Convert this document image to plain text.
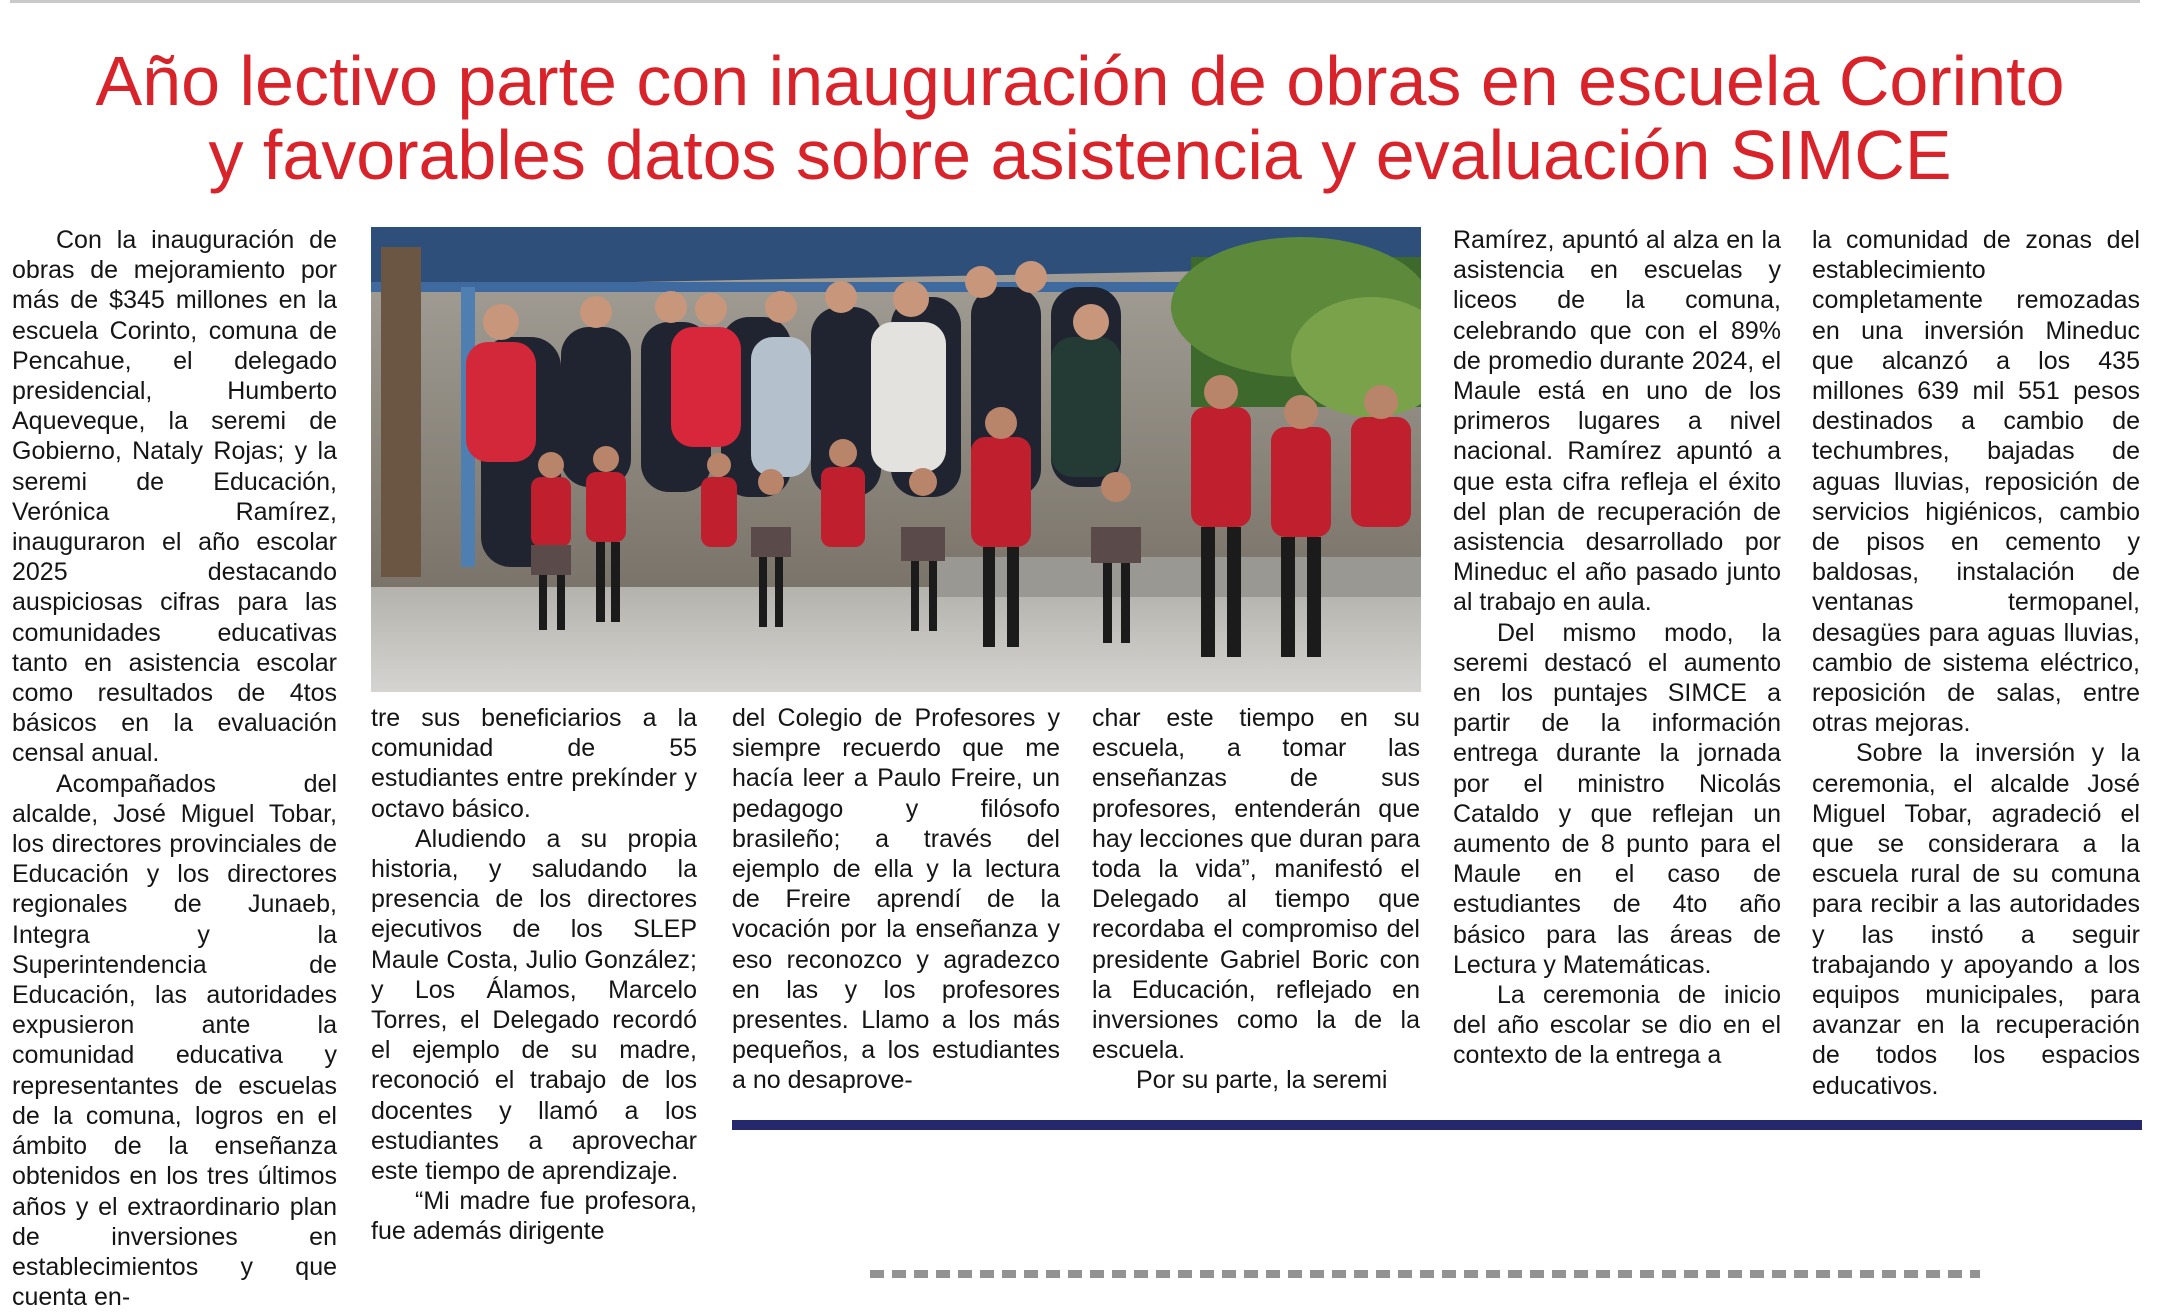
Año lectivo parte con inauguración de obras en escuela Corinto
y favorables datos sobre asistencia y evaluación SIMCE

Con la inauguración de obras de mejoramiento por más de $345 millones en la escuela Corinto, comuna de Pencahue, el delegado presidencial, Humberto Aqueveque, la seremi de Gobierno, Nataly Rojas; y la seremi de Educación, Verónica Ramírez, inauguraron el año escolar 2025 destacando auspiciosas cifras para las comunidades educativas tanto en asistencia escolar como resultados de 4tos básicos en la evaluación censal anual.

Acompañados del alcalde, José Miguel Tobar, los directores provinciales de Educación y los directores regionales de Junaeb, Integra y la Superintendencia de Educación, las autoridades expusieron ante la comunidad educativa y representantes de escuelas de la comuna, logros en el ámbito de la enseñanza obtenidos en los tres últimos años y el extraordinario plan de inversiones en establecimientos y que cuenta en-

tre sus beneficiarios a la comunidad de 55 estudiantes entre prekínder y octavo básico.

Aludiendo a su propia historia, y saludando la presencia de los directores ejecutivos de los SLEP Maule Costa, Julio González; y Los Álamos, Marcelo Torres, el Delegado recordó el ejemplo de su madre, reconoció el trabajo de los docentes y llamó a los estudiantes a aprovechar este tiempo de aprendizaje.

“Mi madre fue profesora, fue además dirigente

del Colegio de Profesores y siempre recuerdo que me hacía leer a Paulo Freire, un pedagogo y filósofo brasileño; a través del ejemplo de ella y la lectura de Freire aprendí de la vocación por la enseñanza y eso reconozco y agradezco en las y los profesores presentes. Llamo a los más pequeños, a los estudiantes a no desaprove-

char este tiempo en su escuela, a tomar las enseñanzas de sus profesores, entenderán que hay lecciones que duran para toda la vida”, manifestó el Delegado al tiempo que recordaba el compromiso del presidente Gabriel Boric con la Educación, reflejado en inversiones como la de la escuela.

Por su parte, la seremi

Ramírez, apuntó al alza en la asistencia en escuelas y liceos de la comuna, celebrando que con el 89% de promedio durante 2024, el Maule está en uno de los primeros lugares a nivel nacional. Ramírez apuntó a que esta cifra refleja el éxito del plan de recuperación de asistencia desarrollado por Mineduc el año pasado junto al trabajo en aula.

Del mismo modo, la seremi destacó el aumento en los puntajes SIMCE a partir de la información entrega durante la jornada por el ministro Nicolás Cataldo y que reflejan un aumento de 8 punto para el Maule en el caso de estudiantes de 4to año básico para las áreas de Lectura y Matemáticas.

La ceremonia de inicio del año escolar se dio en el contexto de la entrega a

la comunidad de zonas del establecimiento completamente remozadas en una inversión Mineduc que alcanzó a los 435 millones 639 mil 551 pesos destinados a cambio de techumbres, bajadas de aguas lluvias, reposición de servicios higiénicos, cambio de pisos en cemento y baldosas, instalación de ventanas termopanel, desagües para aguas lluvias, cambio de sistema eléctrico, reposición de salas, entre otras mejoras.

Sobre la inversión y la ceremonia, el alcalde José Miguel Tobar, agradeció el que se considerara a la escuela rural de su comuna para recibir a las autoridades y las instó a seguir trabajando y apoyando a los equipos municipales, para avanzar en la recuperación de todos los espacios educativos.
